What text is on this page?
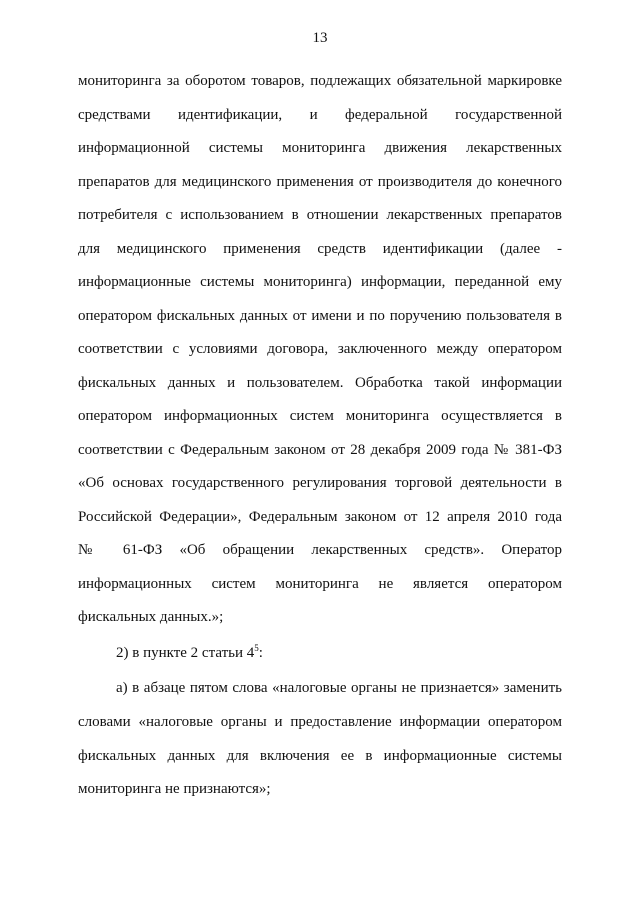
13
мониторинга за оборотом товаров, подлежащих обязательной маркировке
средствами идентификации, и федеральной государственной
информационной системы мониторинга движения лекарственных
препаратов для медицинского применения от производителя до конечного
потребителя с использованием в отношении лекарственных препаратов
для медицинского применения средств идентификации (далее -
информационные системы мониторинга) информации, переданной ему
оператором фискальных данных от имени и по поручению пользователя в
соответствии с условиями договора, заключенного между оператором
фискальных данных и пользователем. Обработка такой информации
оператором информационных систем мониторинга осуществляется в
соответствии с Федеральным законом от 28 декабря 2009 года № 381-ФЗ
«Об основах государственного регулирования торговой деятельности в
Российской Федерации», Федеральным законом от 12 апреля 2010 года
№ 61-ФЗ «Об обращении лекарственных средств». Оператор
информационных систем мониторинга не является оператором
фискальных данных.»;
2) в пункте 2 статьи $4^5$:
а) в абзаце пятом слова «налоговые органы не признается» заменить
словами «налоговые органы и предоставление информации оператором
фискальных данных для включения ее в информационные системы
мониторинга не признаются»;
